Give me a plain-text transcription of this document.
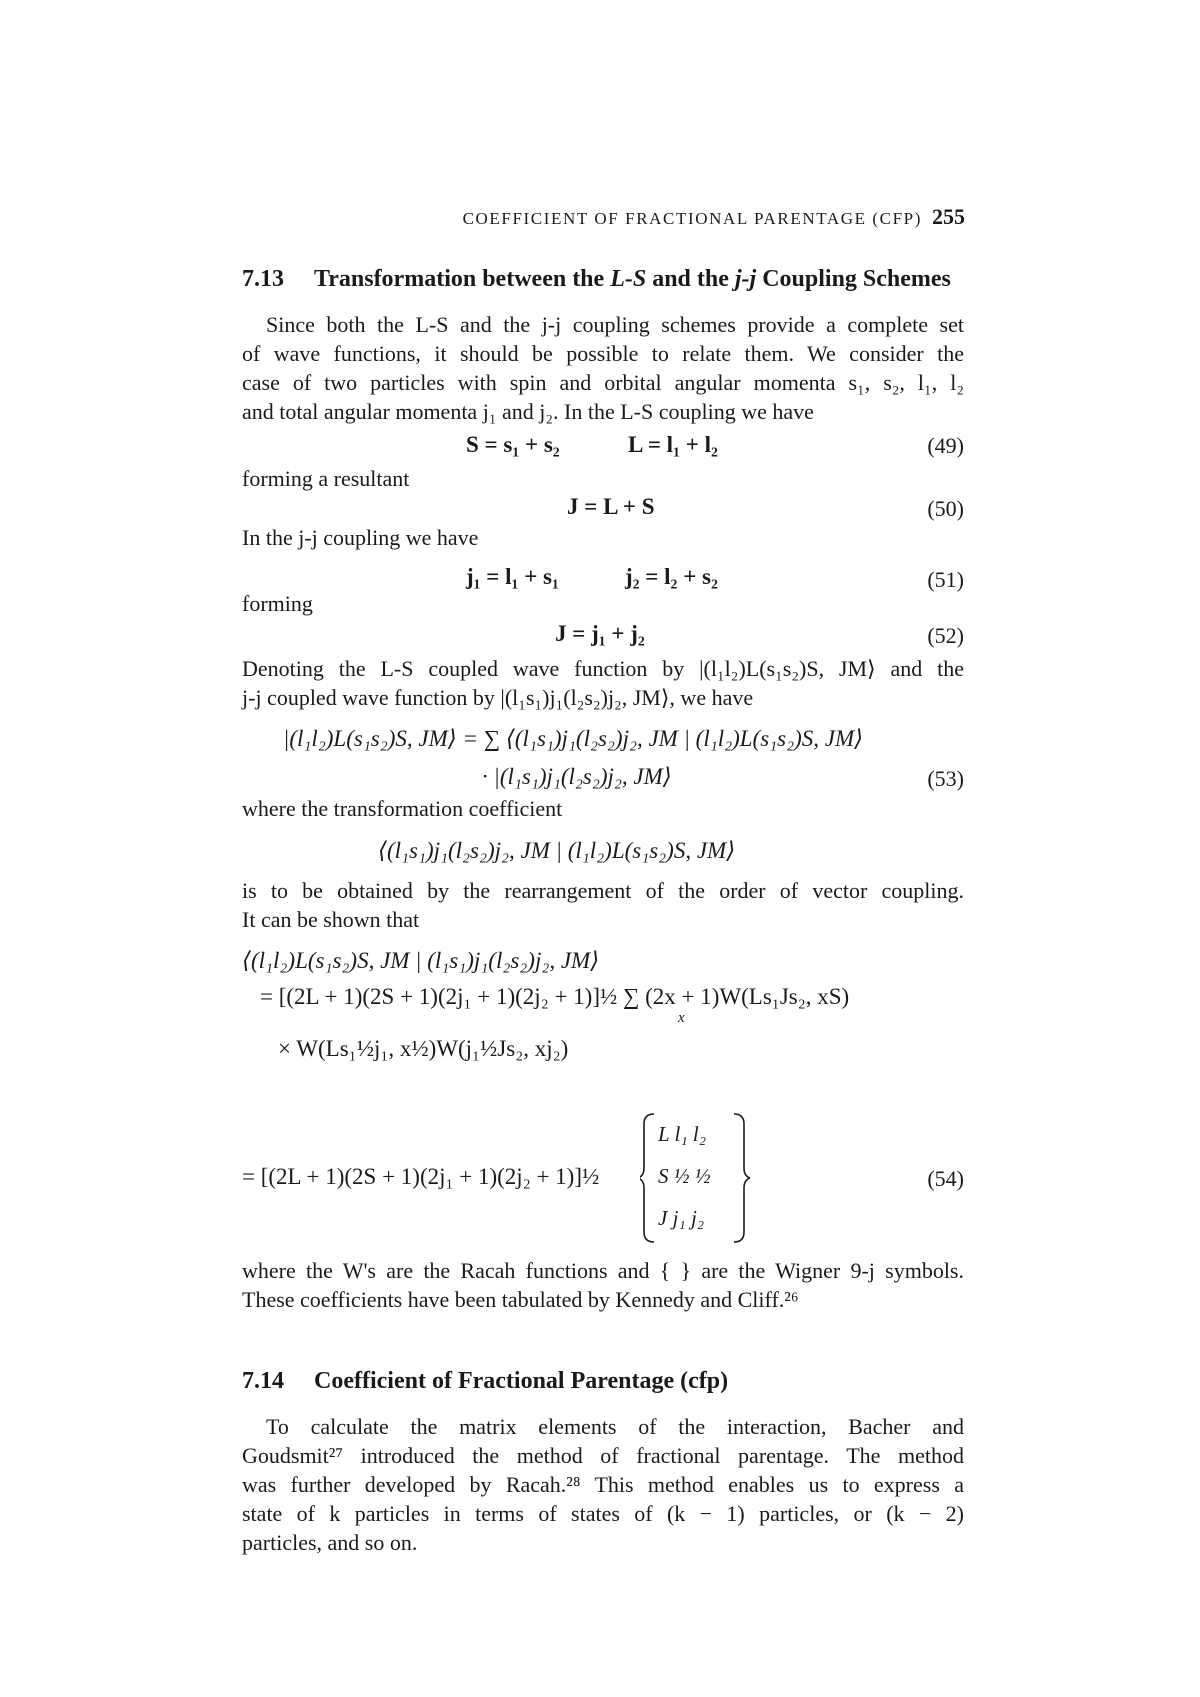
COEFFICIENT OF FRACTIONAL PARENTAGE (CFP) 255
7.13 Transformation between the L-S and the j-j Coupling Schemes
Since both the L-S and the j-j coupling schemes provide a complete set
of wave functions, it should be possible to relate them. We consider the
case of two particles with spin and orbital angular momenta s₁, s₂, l₁, l₂
and total angular momenta j₁ and j₂. In the L-S coupling we have
S = s₁ + s₂	L = l₁ + l₂	(49)
forming a resultant
J = L + S	(50)
In the j-j coupling we have
j₁ = l₁ + s₁	j₂ = l₂ + s₂	(51)
forming
J = j₁ + j₂	(52)
Denoting the L-S coupled wave function by |(l₁l₂)L(s₁s₂)S, JM⟩ and the
j-j coupled wave function by |(l₁s₁)j₁(l₂s₂)j₂, JM⟩, we have
|(l₁l₂)L(s₁s₂)S, JM⟩ = ∑ ⟨(l₁s₁)j₁(l₂s₂)j₂, JM | (l₁l₂)L(s₁s₂)S, JM⟩
· |(l₁s₁)j₁(l₂s₂)j₂, JM⟩	(53)
where the transformation coefficient
⟨(l₁s₁)j₁(l₂s₂)j₂, JM | (l₁l₂)L(s₁s₂)S, JM⟩
is to be obtained by the rearrangement of the order of vector coupling.
It can be shown that
⟨(l₁l₂)L(s₁s₂)S, JM | (l₁s₁)j₁(l₂s₂)j₂, JM⟩
= [(2L + 1)(2S + 1)(2j₁ + 1)(2j₂ + 1)]½ ∑ (2x + 1)W(Ls₁Js₂, xS)
x
× W(Ls₁½j₁, x½)W(j₁½Js₂, xj₂)
= [(2L + 1)(2S + 1)(2j₁ + 1)(2j₂ + 1)]½
L l₁ l₂
S ½ ½
J j₁ j₂
(54)
where the W's are the Racah functions and { } are the Wigner 9-j symbols.
These coefficients have been tabulated by Kennedy and Cliff.²⁶
7.14 Coefficient of Fractional Parentage (cfp)
To calculate the matrix elements of the interaction, Bacher and
Goudsmit²⁷ introduced the method of fractional parentage. The method
was further developed by Racah.²⁸ This method enables us to express a
state of k particles in terms of states of (k − 1) particles, or (k − 2)
particles, and so on.
